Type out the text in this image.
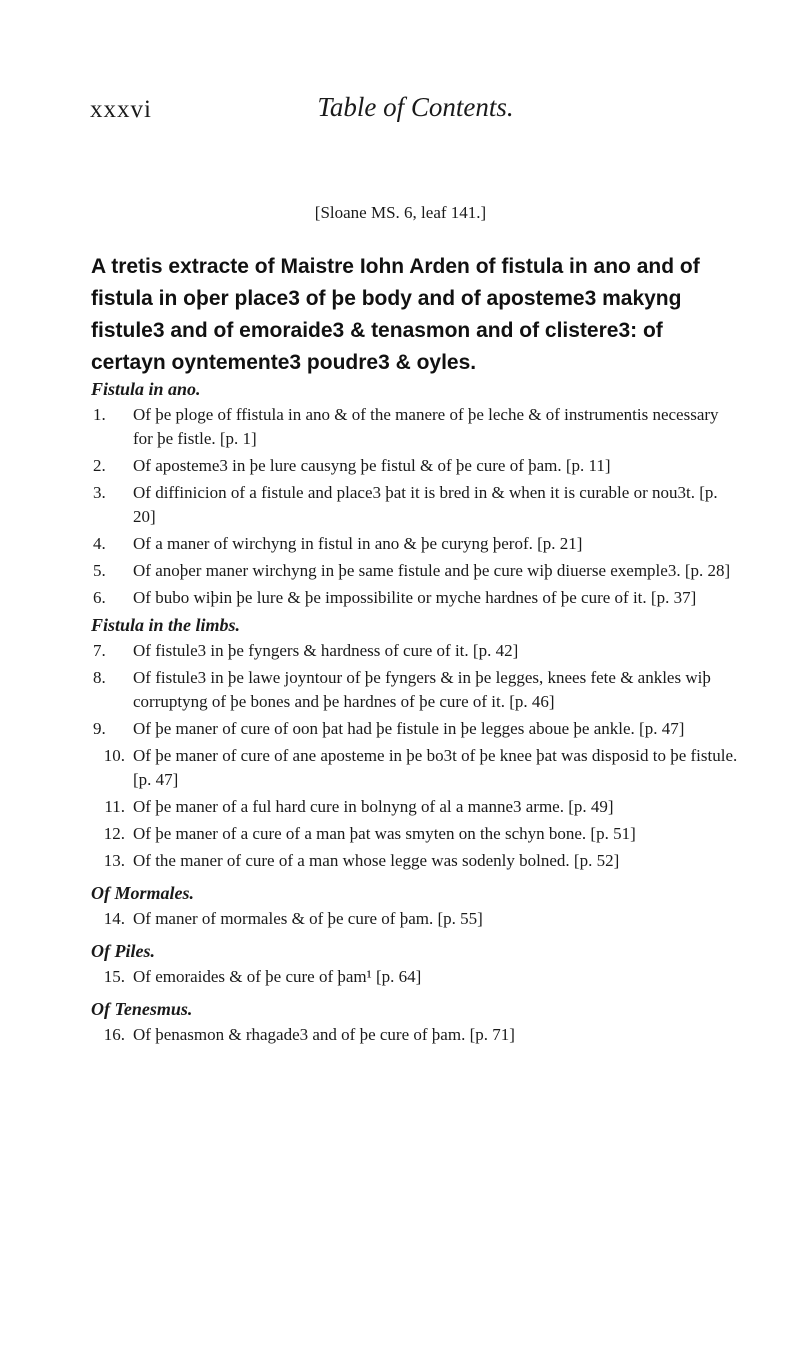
xxxvi	Table of Contents.
[Sloane MS. 6, leaf 141.]

A tretis extracte of Maistre Iohn Arden of fistula in ano and of fistula in oþer place3 of þe body and of aposteme3 makyng fistule3 and of emoraide3 & tenasmon and of clistere3: of certayn oyntemente3 poudre3 & oyles.

Fistula in ano.
1.	Of þe ploge of ffistula in ano & of the manere of þe leche & of instrumentis necessary for þe fistle. [p. 1]
2.	Of aposteme3 in þe lure causyng þe fistul & of þe cure of þam. [p. 11]
3.	Of diffinicion of a fistule and place3 þat it is bred in & when it is curable or nou3t. [p. 20]
4.	Of a maner of wirchyng in fistul in ano & þe curyng þerof. [p. 21]
5.	Of anoþer maner wirchyng in þe same fistule and þe cure wiþ diuerse exemple3. [p. 28]
6.	Of bubo wiþin þe lure & þe impossibilite or myche hardnes of þe cure of it. [p. 37]
Fistula in the limbs.
7.	Of fistule3 in þe fyngers & hardness of cure of it. [p. 42]
8.	Of fistule3 in þe lawe joyntour of þe fyngers & in þe legges, knees fete & ankles wiþ corruptyng of þe bones and þe hardnes of þe cure of it. [p. 46]
9.	Of þe maner of cure of oon þat had þe fistule in þe legges aboue þe ankle. [p. 47]
10. Of þe maner of cure of ane aposteme in þe bo3t of þe knee þat was disposid to þe fistule. [p. 47]
11. Of þe maner of a ful hard cure in bolnyng of al a manne3 arme. [p. 49]
12. Of þe maner of a cure of a man þat was smyten on the schyn bone. [p. 51]
13. Of the maner of cure of a man whose legge was sodenly bolned. [p. 52]
Of Mormales.
14. Of maner of mormales & of þe cure of þam. [p. 55]
Of Piles.
15. Of emoraides & of þe cure of þam¹ [p. 64]
Of Tenesmus.
16. Of þenasmon & rhagade3 and of þe cure of þam. [p. 71]
